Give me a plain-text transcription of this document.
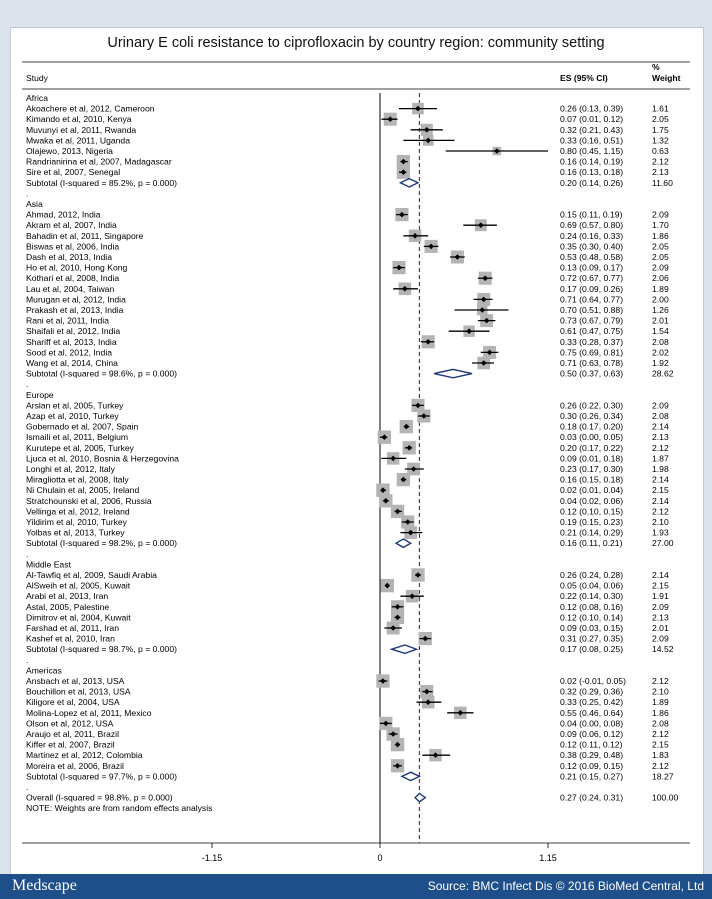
Urinary E coli resistance to ciprofloxacin by country region: community setting
Study	ES (95% CI)
%
Weight
Africa
Akoachere et al, 2012, Cameroon	0.26 (0.13, 0.39)	1.61
Kimando et al, 2010, Kenya	0.07 (0.01, 0.12)	2.05
Muvunyi et al, 2011, Rwanda	0.32 (0.21, 0.43)	1.75
Mwaka et al, 2011, Uganda	0.33 (0.16, 0.51)	1.32
Olajewo, 2013, Nigeria	0.80 (0.45, 1.15)	0.63
Randrianirina et al, 2007, Madagascar	0.16 (0.14, 0.19)	2.12
Sire et al, 2007, Senegal	0.16 (0.13, 0.18)	2.13
Subtotal (I-squared = 85.2%, p = 0.000)	0.20 (0.14, 0.26)	11.60
.
Asia
Ahmad, 2012, India	0.15 (0.11, 0.19)	2.09
Akram et al, 2007, India	0.69 (0.57, 0.80)	1.70
Bahadin et al, 2011, Singapore	0.24 (0.16, 0.33)	1.86
Biswas et al, 2006, India	0.35 (0.30, 0.40)	2.05
Dash et al, 2013, India	0.53 (0.48, 0.58)	2.05
Ho et al, 2010, Hong Kong	0.13 (0.09, 0.17)	2.09
Kothari et al, 2008, India	0.72 (0.67, 0.77)	2.06
Lau et al, 2004, Taiwan	0.17 (0.09, 0.26)	1.89
Murugan et al, 2012, India	0.71 (0.64, 0.77)	2.00
Prakash et al, 2013, India	0.70 (0.51, 0.88)	1.26
Rani et al, 2011, India	0.73 (0.67, 0.79)	2.01
Shaifali et al, 2012, India	0.61 (0.47, 0.75)	1.54
Shariff et al, 2013, India	0.33 (0.28, 0.37)	2.08
Sood et al, 2012, India	0.75 (0.69, 0.81)	2.02
Wang et al, 2014, China	0.71 (0.63, 0.78)	1.92
Subtotal (I-squared = 98.6%, p = 0.000)	0.50 (0.37, 0.63)	28.62
.
Europe
Arslan et al, 2005, Turkey	0.26 (0.22, 0.30)	2.09
Azap et al, 2010, Turkey	0.30 (0.26, 0.34)	2.08
Gobernado et al, 2007, Spain	0.18 (0.17, 0.20)	2.14
Ismaili et al, 2011, Belgium	0.03 (0.00, 0.05)	2.13
Kurutepe et al, 2005, Turkey	0.20 (0.17, 0.22)	2.12
Ljuca et al, 2010, Bosnia & Herzegovina	0.09 (0.01, 0.18)	1.87
Longhi et al, 2012, Italy	0.23 (0.17, 0.30)	1.98
Miragliotta et al, 2008, Italy	0.16 (0.15, 0.18)	2.14
Ni Chulain et al, 2005, Ireland	0.02 (0.01, 0.04)	2.15
Stratchounski et al, 2006, Russia	0.04 (0.02, 0.06)	2.14
Vellinga et al, 2012, Ireland	0.12 (0.10, 0.15)	2.12
Yildirim et al, 2010, Turkey	0.19 (0.15, 0.23)	2.10
Yolbas et al, 2013, Turkey	0.21 (0.14, 0.29)	1.93
Subtotal (I-squared = 98.2%, p = 0.000)	0.16 (0.11, 0.21)	27.00
.
Middle East
Al-Tawfiq et al, 2009, Saudi Arabia	0.26 (0.24, 0.28)	2.14
AlSweih et al, 2005, Kuwait	0.05 (0.04, 0.06)	2.15
Arabi et al, 2013, Iran	0.22 (0.14, 0.30)	1.91
Astal, 2005, Palestine	0.12 (0.08, 0.16)	2.09
Dimitrov et al, 2004, Kuwait	0.12 (0.10, 0.14)	2.13
Farshad et al, 2011, Iran	0.09 (0.03, 0.15)	2.01
Kashef et al, 2010, Iran	0.31 (0.27, 0.35)	2.09
Subtotal (I-squared = 98.7%, p = 0.000)	0.17 (0.08, 0.25)	14.52
.
Americas
Ansbach et al, 2013, USA	0.02 (-0.01, 0.05)	2.12
Bouchillon et al, 2013, USA	0.32 (0.29, 0.36)	2.10
Kiligore et al, 2004, USA	0.33 (0.25, 0.42)	1.89
Molina-Lopez et al, 2011, Mexico	0.55 (0.46, 0.64)	1.86
Olson et al, 2012, USA	0.04 (0.00, 0.08)	2.08
Araujo et al, 2011, Brazil	0.09 (0.06, 0.12)	2.12
Kiffer et al, 2007, Brazil	0.12 (0.11, 0.12)	2.15
Martinez et al, 2012, Colombia	0.38 (0.29, 0.48)	1.83
Moreira et al, 2006, Brazil	0.12 (0.09, 0.15)	2.12
Subtotal (I-squared = 97.7%, p = 0.000)	0.21 (0.15, 0.27)	18.27
.
Overall (I-squared = 98.8%, p = 0.000)	0.27 (0.24, 0.31)	100.00
NOTE: Weights are from random effects analysis
-1.15	0	1.15
Medscape	Source: BMC Infect Dis © 2016 BioMed Central, Ltd
